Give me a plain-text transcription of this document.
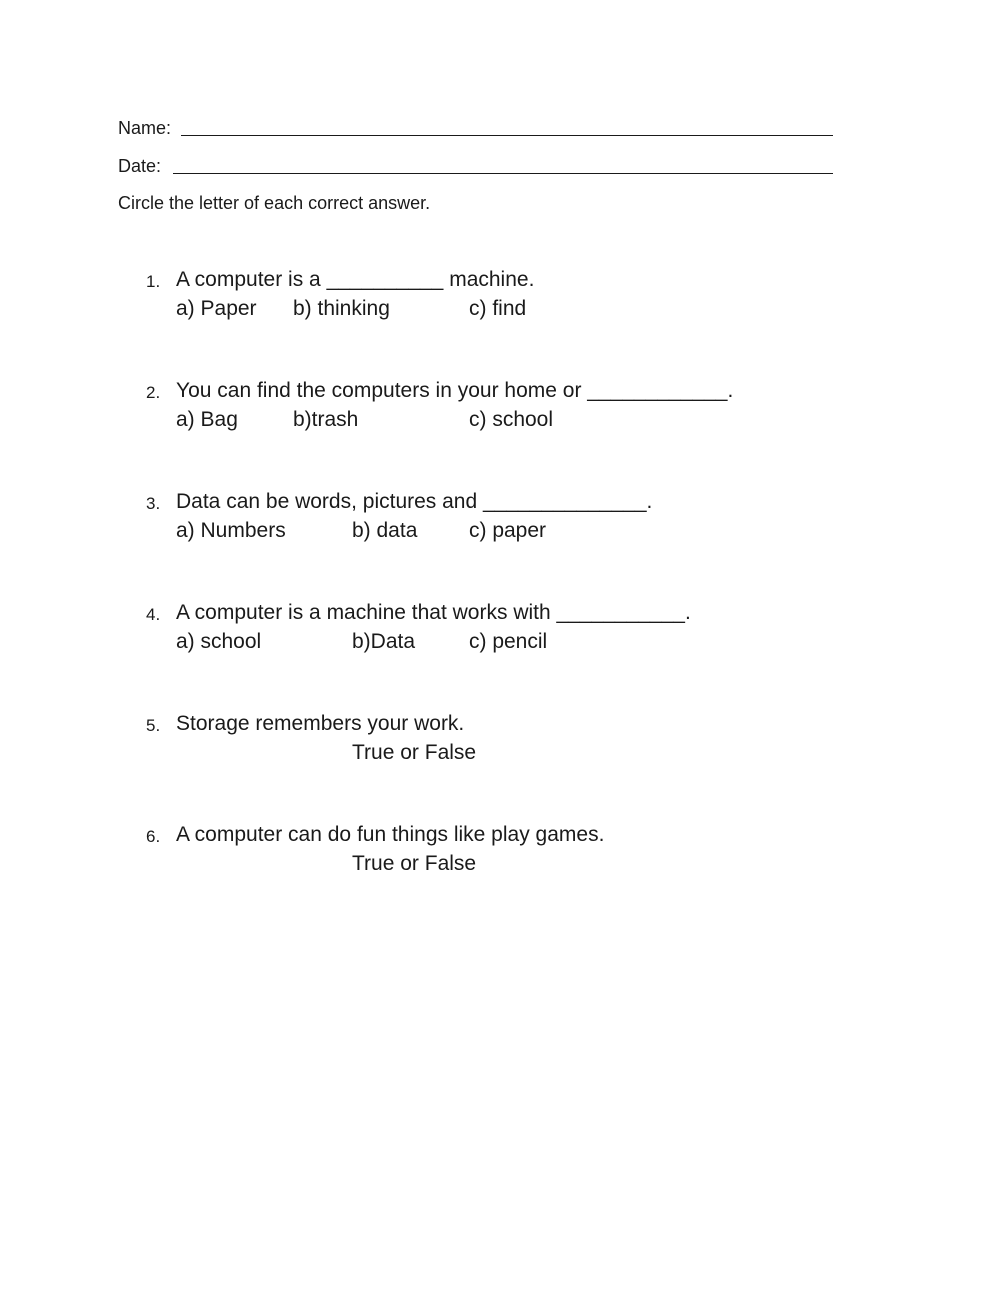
Name:
Date:
Circle the letter of each correct answer.
1. A computer is a __________ machine.
a) Paper b) thinking	c) find
2. You can find the computers in your home or ____________.
a) Bag	b)trash	c) school
3. Data can be words, pictures and ______________.
a) Numbers	b) data c) paper
4. A computer is a machine that works with ___________.
a) school	b)Data	c) pencil
5. Storage remembers your work.
True or False
6. A computer can do fun things like play games.
True or False
